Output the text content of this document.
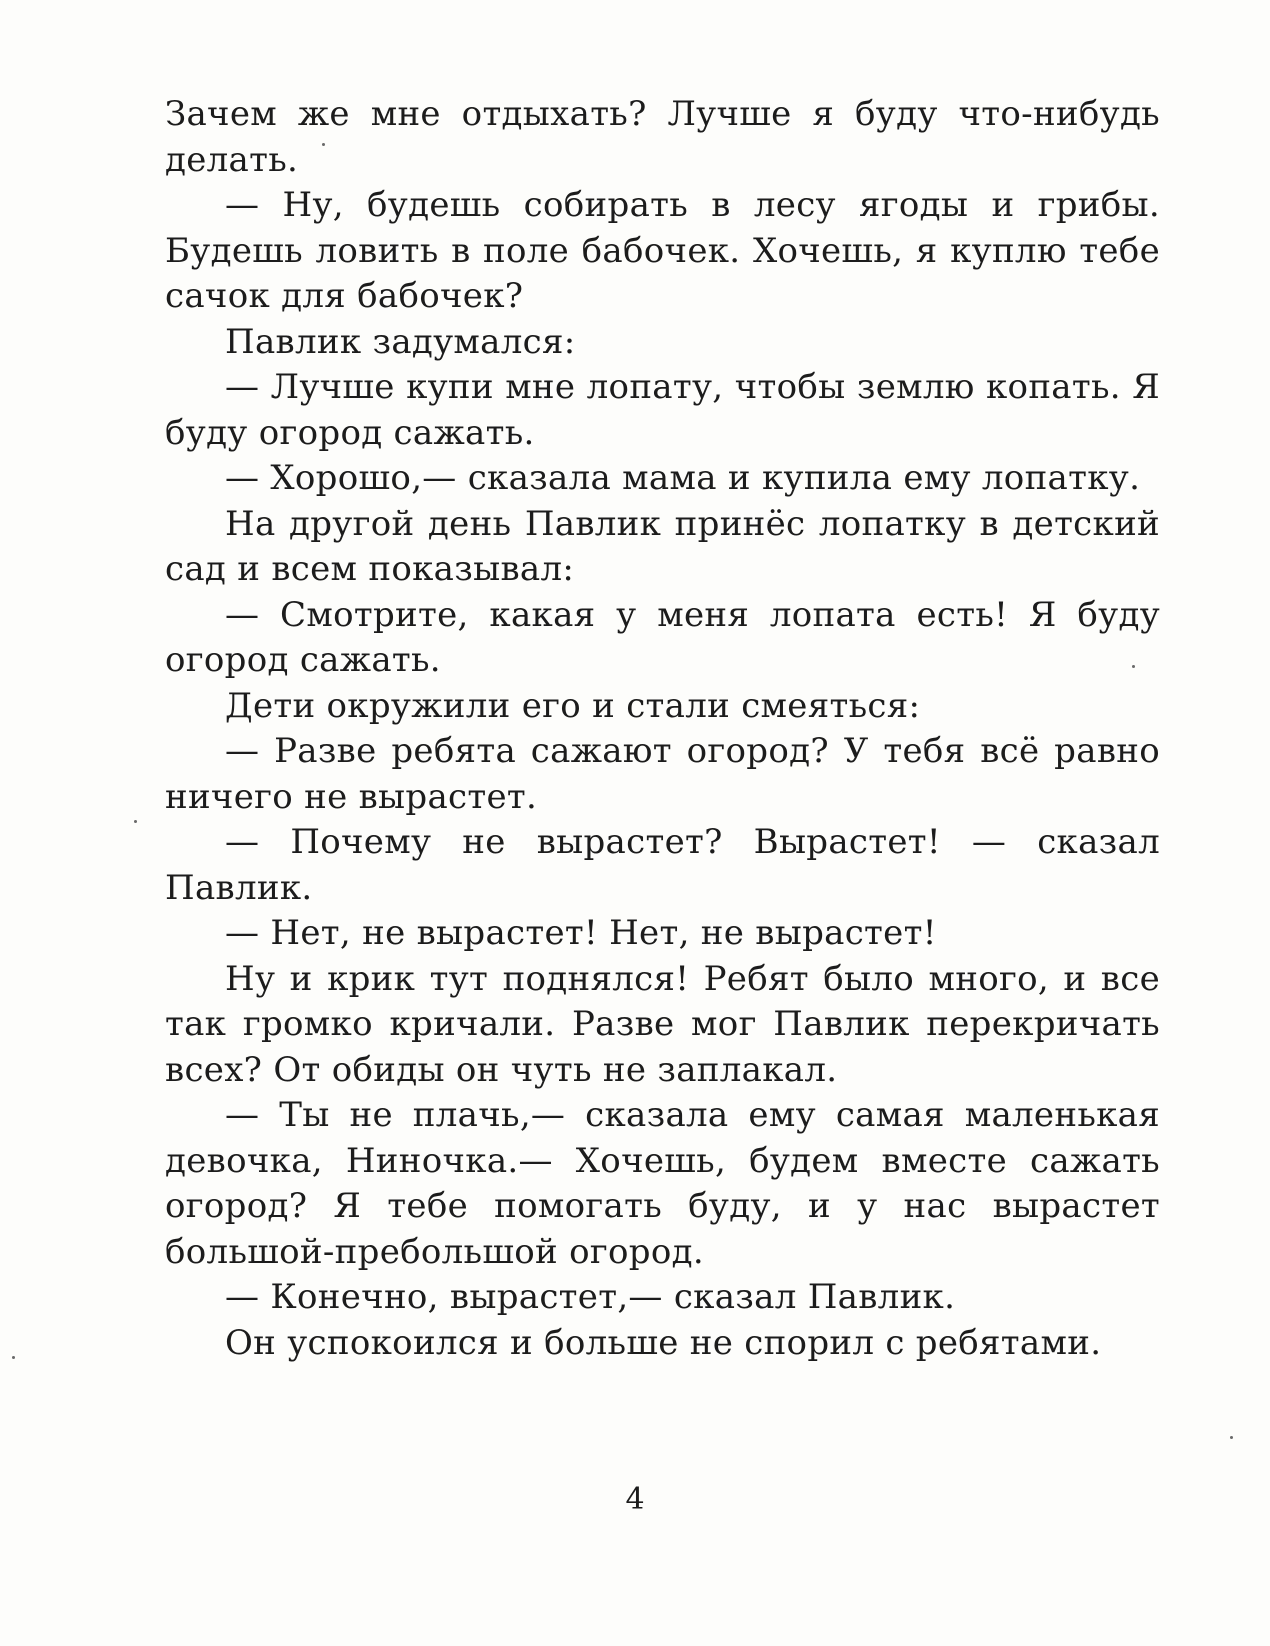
Зачем же мне отдыхать? Лучше я буду что-нибудь делать.

— Ну, будешь собирать в лесу ягоды и грибы. Будешь ловить в поле бабочек. Хочешь, я куплю тебе сачок для бабочек?

Павлик задумался:

— Лучше купи мне лопату, чтобы землю копать. Я буду огород сажать.

— Хорошо,— сказала мама и купила ему лопатку.

На другой день Павлик принёс лопатку в детский сад и всем показывал:

— Смотрите, какая у меня лопата есть! Я буду огород сажать.

Дети окружили его и стали смеяться:

— Разве ребята сажают огород? У тебя всё равно ничего не вырастет.

— Почему не вырастет? Вырастет! — сказал Павлик.

— Нет, не вырастет! Нет, не вырастет!

Ну и крик тут поднялся! Ребят было много, и все так громко кричали. Разве мог Павлик перекричать всех? От обиды он чуть не заплакал.

— Ты не плачь,— сказала ему самая маленькая девочка, Ниночка.— Хочешь, будем вместе сажать огород? Я тебе помогать буду, и у нас вырастет большой-пребольшой огород.

— Конечно, вырастет,— сказал Павлик.

Он успокоился и больше не спорил с ребятами.

4
